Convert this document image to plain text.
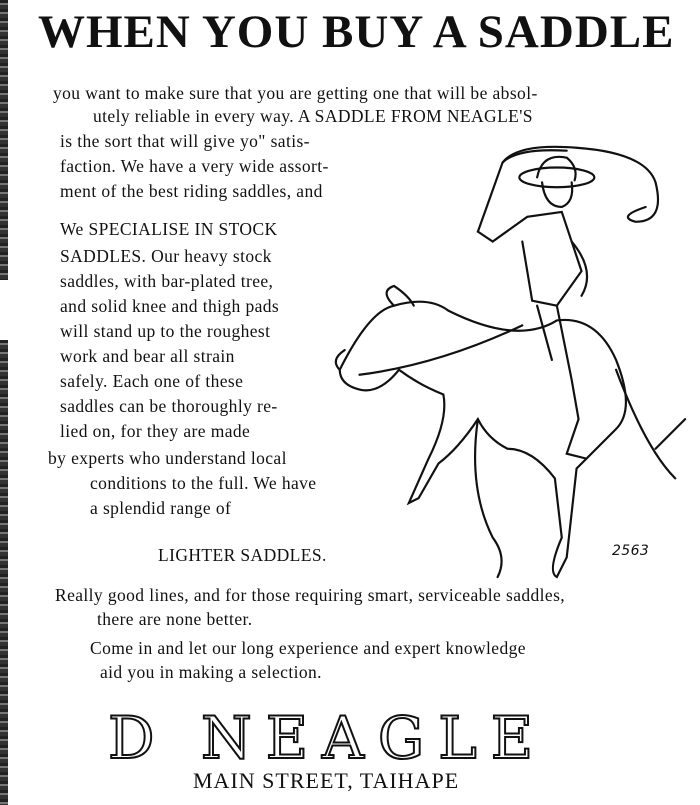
WHEN YOU BUY A SADDLE
you want to make sure that you are getting one that will be absol-
utely reliable in every way. A SADDLE FROM NEAGLE'S
is the sort that will give yo" satis-
faction. We have a very wide assort-
ment of the best riding saddles, and
We SPECIALISE IN STOCK
SADDLES. Our heavy stock
saddles, with bar-plated tree,
and solid knee and thigh pads
will stand up to the roughest
work and bear all strain
safely. Each one of these
saddles can be thoroughly re-
lied on, for they are made
by experts who understand local
conditions to the full. We have
a splendid range of
LIGHTER SADDLES.
Really good lines, and for those requiring smart, serviceable saddles,
there are none better.
Come in and let our long experience and expert knowledge
aid you in making a selection.
2563
D NEAGLE
MAIN STREET, TAIHAPE
